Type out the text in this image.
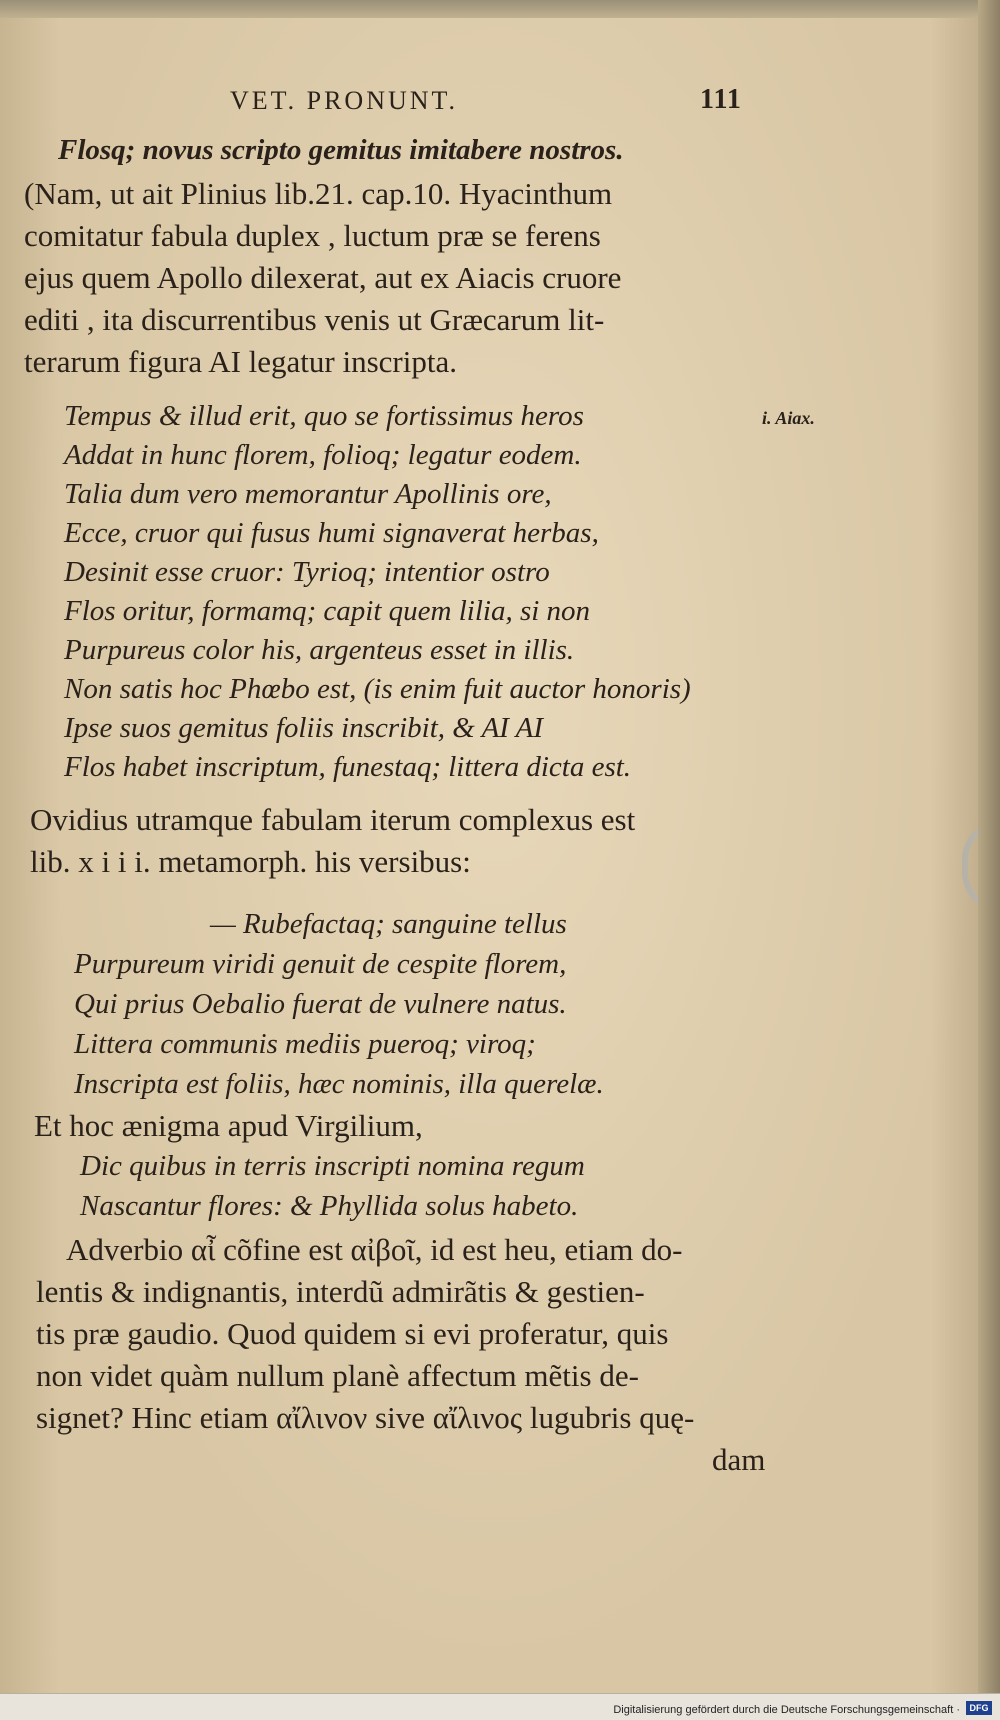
VET. PRONUNT.	111
Flosq; novus scripto gemitus imitabere nostros.
(Nam, ut ait Plinius lib.21. cap.10. Hyacinthum
comitatur fabula duplex , luctum præ se ferens
ejus quem Apollo dilexerat, aut ex Aiacis cruore
editi , ita discurrentibus venis ut Græcarum lit-
terarum figura AI legatur inscripta.
Tempus & illud erit, quo se fortissimus heros	i. Aiax.
Addat in hunc florem, folioq; legatur eodem.
Talia dum vero memorantur Apollinis ore,
Ecce, cruor qui fusus humi signaverat herbas,
Desinit esse cruor: Tyrioq; intentior ostro
Flos oritur, formamq; capit quem lilia, si non
Purpureus color his, argenteus esset in illis.
Non satis hoc Phœbo est, (is enim fuit auctor honoris)
Ipse suos gemitus foliis inscribit, & AI AI
Flos habet inscriptum, funestaq; littera dicta est.
Ovidius utramque fabulam iterum complexus est
lib. x i i i. metamorph. his versibus:
— Rubefactaq; sanguine tellus
Purpureum viridi genuit de cespite florem,
Qui prius Oebalio fuerat de vulnere natus.
Littera communis mediis pueroq; viroq;
Inscripta est foliis, hæc nominis, illa querelæ.
Et hoc ænigma apud Virgilium,
Dic quibus in terris inscripti nomina regum
Nascantur flores: & Phyllida solus habeto.
Adverbio αἶ cõfine est αἰβοῖ, id est heu, etiam do-
lentis & indignantis, interdũ admirãtis & gestien-
tis præ gaudio. Quod quidem si evi proferatur, quis
non videt quàm nullum planè affectum mẽtis de-
signet? Hinc etiam αἴλινον sive αἴλινος lugubris quę-
dam
Digitalisierung gefördert durch die Deutsche Forschungsgemeinschaft ·	DFG
